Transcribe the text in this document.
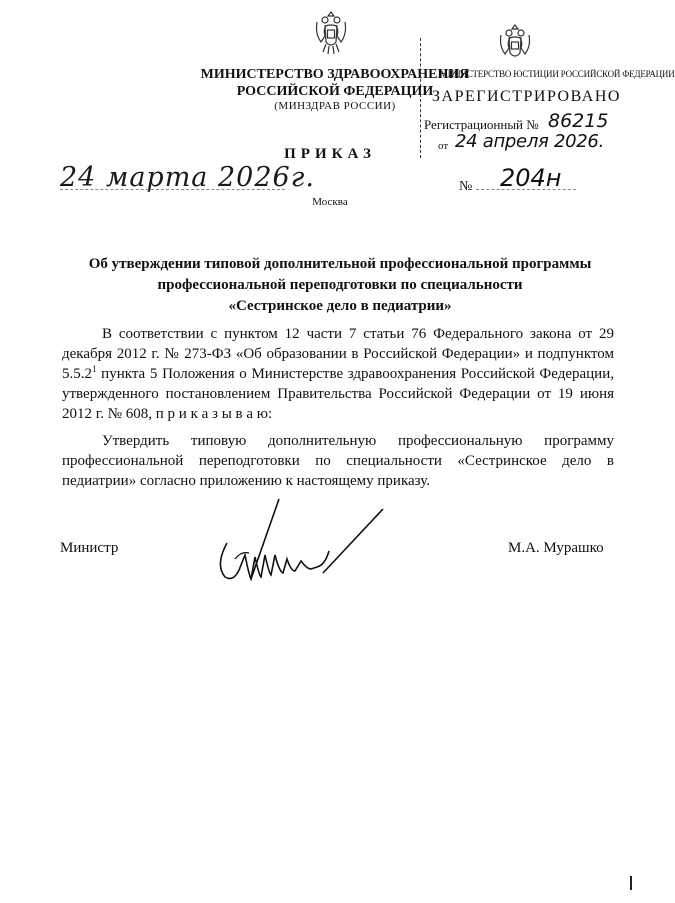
МИНИСТЕРСТВО ЗДРАВООХРАНЕНИЯ
РОССИЙСКОЙ ФЕДЕРАЦИИ
(МИНЗДРАВ РОССИИ)
МИНИСТЕРСТВО ЮСТИЦИИ РОССИЙСКОЙ ФЕДЕРАЦИИ
ЗАРЕГИСТРИРОВАНО
Регистрационный № 86215
от 24 апреля 2026.
ПРИКАЗ
24 марта 2026г.	№ 204н
Москва
Об утверждении типовой дополнительной профессиональной программы
профессиональной переподготовки по специальности
«Сестринское дело в педиатрии»
В соответствии с пунктом 12 части 7 статьи 76 Федерального закона от 29 декабря 2012 г. № 273-ФЗ «Об образовании в Российской Федерации» и подпунктом 5.5.2$^1$ пункта 5 Положения о Министерстве здравоохранения Российской Федерации, утвержденного постановлением Правительства Российской Федерации от 19 июня 2012 г. № 608, п р и к а з ы в а ю:
Утвердить типовую дополнительную профессиональную программу профессиональной переподготовки по специальности «Сестринское дело в педиатрии» согласно приложению к настоящему приказу.
Министр	М.А. Мурашко
